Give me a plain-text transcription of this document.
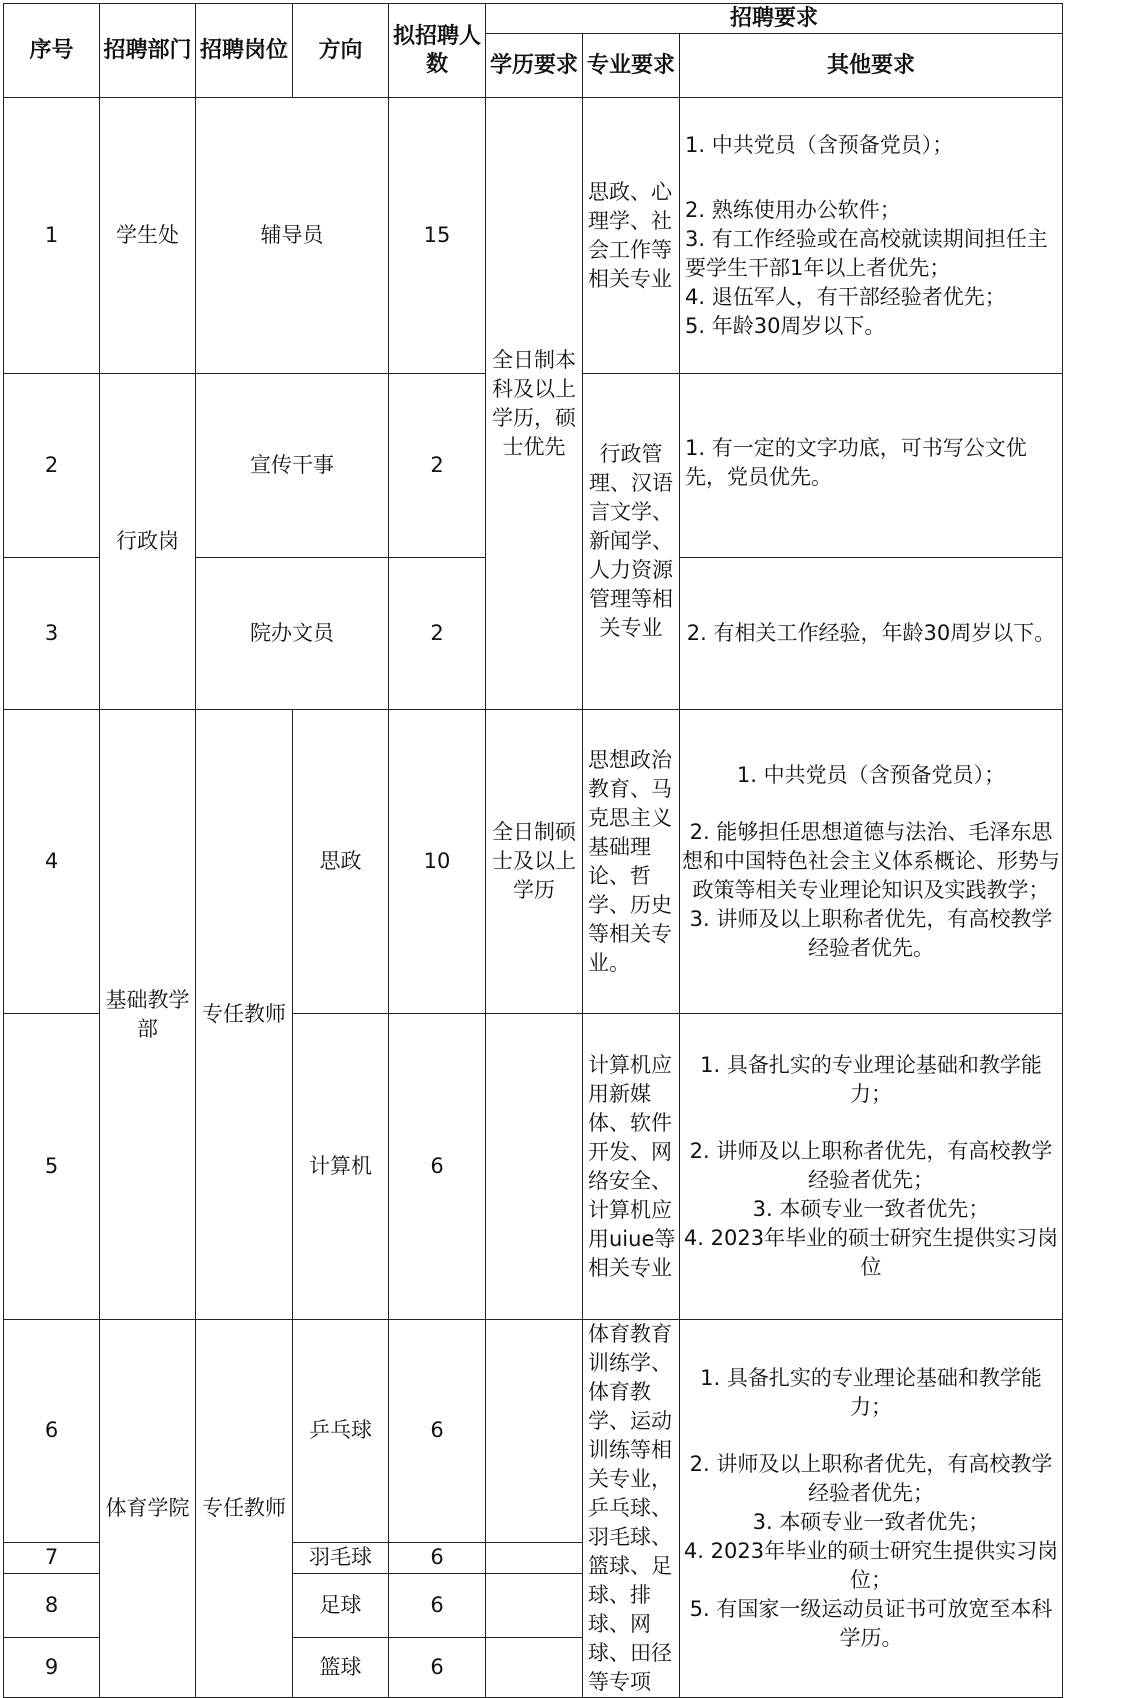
序号	招聘部门	招聘岗位	方向	拟招聘人数	招聘要求		
					学历要求	专业要求	其他要求
1	学生处	辅导员		15	全日制本科及以上学历，硕士优先	思政、心理学、社会工作等相关专业	1. 中共党员（含预备党员）；
2. 熟练使用办公软件；
3. 有工作经验或在高校就读期间担任主要学生干部1年以上者优先；
4. 退伍军人，有干部经验者优先；
5. 年龄30周岁以下。

2	行政岗	宣传干事		2		行政管理、汉语言文学、新闻学、人力资源管理等相关专业	1. 有一定的文字功底，可书写公文优先，党员优先。
3		院办文员		2			2. 有相关工作经验，年龄30周岁以下。
4	基础教学部	专任教师	思政	10	全日制硕士及以上学历	思想政治教育、马克思主义基础理论、哲学、历史等相关专业。	1. 中共党员（含预备党员）；
2. 能够担任思想道德与法治、毛泽东思想和中国特色社会主义体系概论、形势与政策等相关专业理论知识及实践教学；
3. 讲师及以上职称者优先，有高校教学经验者优先。

5			计算机	6		计算机应用新媒体、软件开发、网络安全、计算机应用uiue等相关专业	1. 具备扎实的专业理论基础和教学能力；
2. 讲师及以上职称者优先，有高校教学经验者优先；
3. 本硕专业一致者优先；
4. 2023年毕业的硕士研究生提供实习岗位

6	体育学院	专任教师	乒乓球	6		体育教育训练学、体育教学、运动训练等相关专业，乒乓球、羽毛球、篮球、足球、排球、网球、田径等专项	1. 具备扎实的专业理论基础和教学能力；
2. 讲师及以上职称者优先，有高校教学经验者优先；
3. 本硕专业一致者优先；
4. 2023年毕业的硕士研究生提供实习岗位；
5. 有国家一级运动员证书可放宽至本科学历。

7			羽毛球	6			
8			足球	6			
9			篮球	6			
